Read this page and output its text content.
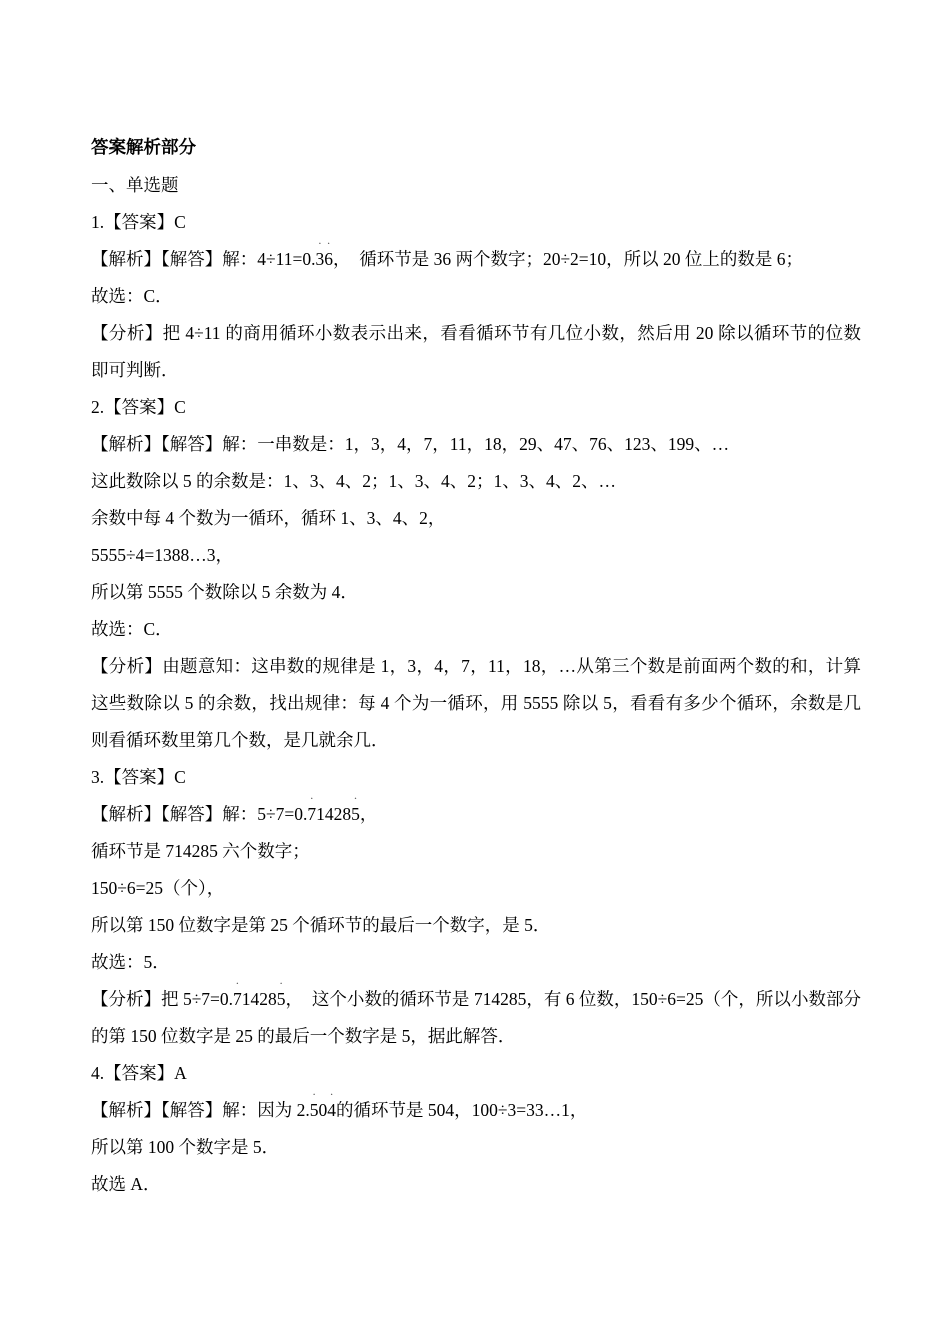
答案解析部分
一、单选题
1.【答案】C
【解析】【解答】解：4÷11=0.
·
3
·
6，　循环节是 36 两个数字；20÷2=10，所以 20 位上的数是 6；
故选：C．
【分析】把 4÷11 的商用循环小数表示出来，看看循环节有几位小数，然后用 20 除以循环节的位数即可判断．
2.【答案】C
【解析】【解答】解：一串数是：1，3，4，7，11，18，29、47、76、123、199、…
这此数除以 5 的余数是：1、3、4、2；1、3、4、2；1、3、4、2、…
余数中每 4 个数为一循环，循环 1、3、4、2，
5555÷4=1388…3，
所以第 5555 个数除以 5 余数为 4．
故选：C．
【分析】由题意知：这串数的规律是 1，3，4，7，11，18，…从第三个数是前面两个数的和，计算这些数除以 5 的余数，找出规律：每 4 个为一循环，用 5555 除以 5，看看有多少个循环，余数是几则看循环数里第几个数，是几就余几．
3.【答案】C
【解析】【解答】解：5÷7=0.
·
71428
·
5，
循环节是 714285 六个数字；
150÷6=25（个），
所以第 150 位数字是第 25 个循环节的最后一个数字，是 5．
故选：5．
【分析】把 5÷7=0.
·
71428
·
5，　这个小数的循环节是 714285，有 6 位数，150÷6=25（个，所以小数部分的第 150 位数字是 25 的最后一个数字是 5，据此解答．
4.【答案】A
【解析】【解答】解：因为 2.
·
50
·
4的循环节是 504，100÷3=33…1，
所以第 100 个数字是 5．
故选 A．
